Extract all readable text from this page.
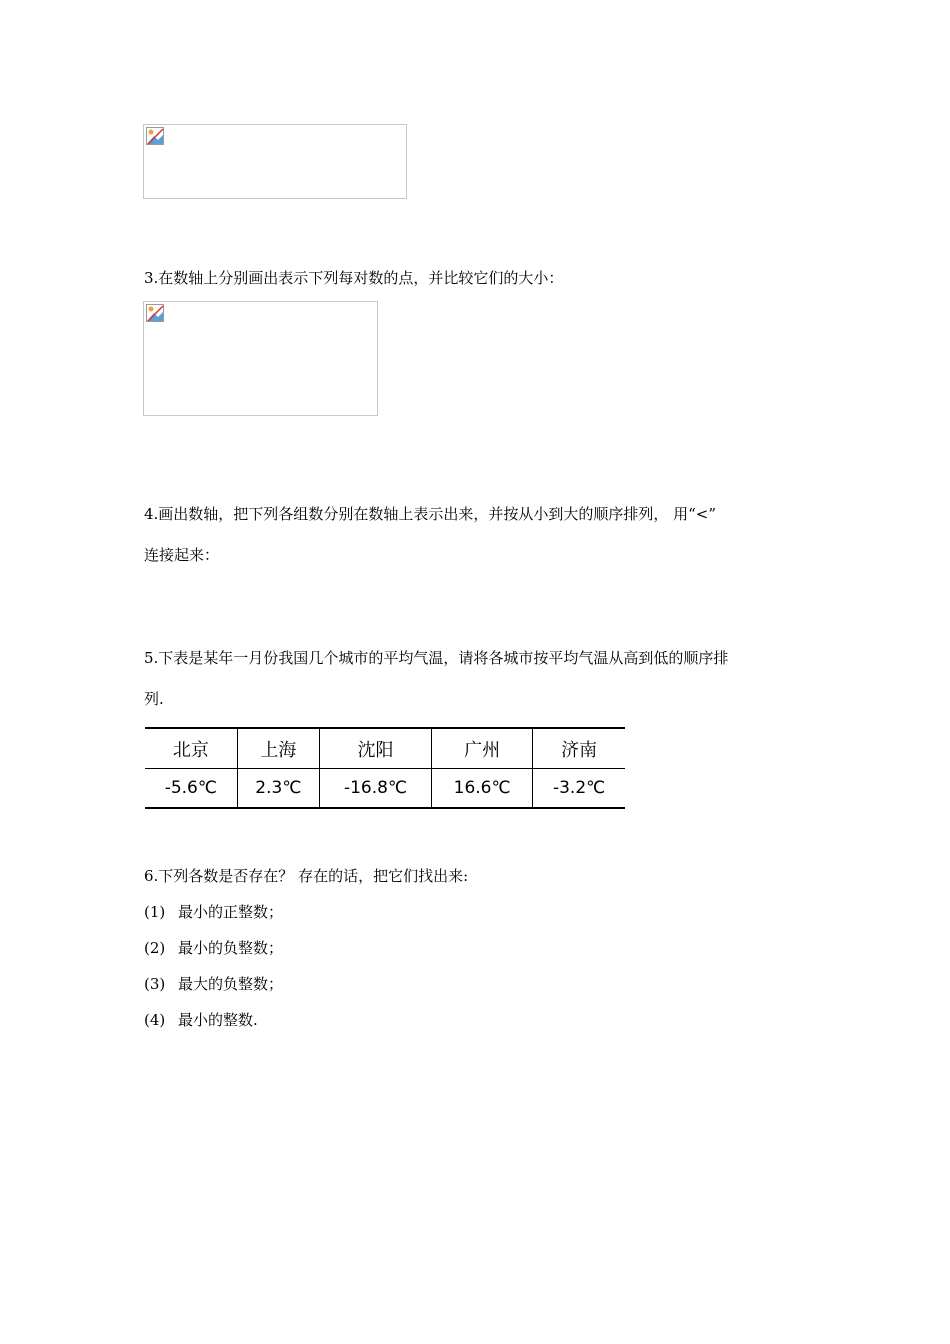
3.在数轴上分别画出表示下列每对数的点，并比较它们的大小：
4.画出数轴，把下列各组数分别在数轴上表示出来，并按从小到大的顺序排列， 用“<”
连接起来：
5.下表是某年一月份我国几个城市的平均气温，请将各城市按平均气温从高到低的顺序排
列.
北京	上海	沈阳	广州	济南
-5.6℃	2.3℃	-16.8℃	16.6℃	-3.2℃
6.下列各数是否存在？ 存在的话，把它们找出来:
(1) 最小的正整数；
(2) 最小的负整数；
(3) 最大的负整数；
(4) 最小的整数.
